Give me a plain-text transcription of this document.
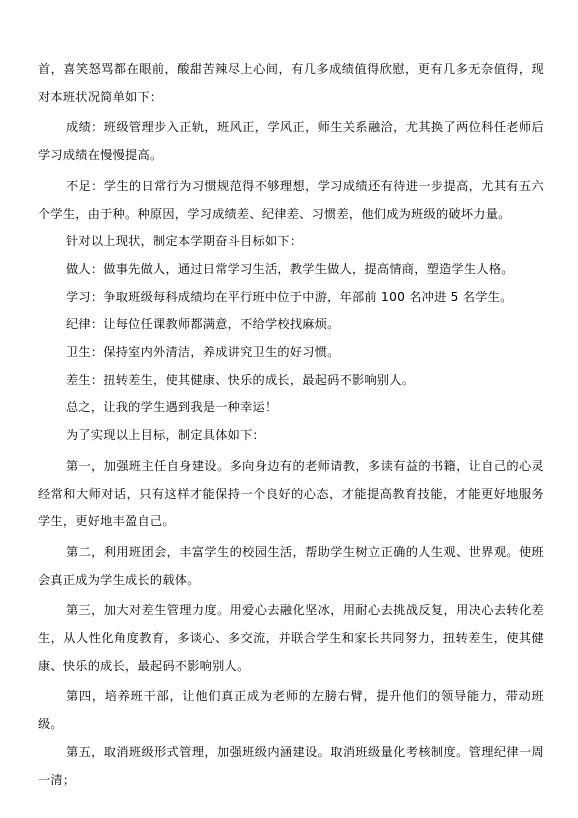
首，喜笑怒骂都在眼前，酸甜苦辣尽上心间，有几多成绩值得欣慰，更有几多无奈值得，现对本班状况简单如下：

成绩：班级管理步入正轨，班风正，学风正，师生关系融洽，尤其换了两位科任老师后学习成绩在慢慢提高。

不足：学生的日常行为习惯规范得不够理想，学习成绩还有待进一步提高，尤其有五六个学生，由于种。种原因，学习成绩差、纪律差、习惯差，他们成为班级的破坏力量。

针对以上现状，制定本学期奋斗目标如下：

做人：做事先做人，通过日常学习生活，教学生做人，提高情商，塑造学生人格。

学习：争取班级每科成绩均在平行班中位于中游，年部前 100 名冲进 5 名学生。

纪律：让每位任课教师都满意，不给学校找麻烦。

卫生：保持室内外清洁，养成讲究卫生的好习惯。

差生：扭转差生，使其健康、快乐的成长，最起码不影响别人。

总之，让我的学生遇到我是一种幸运！

为了实现以上目标，制定具体如下：

第一，加强班主任自身建设。多向身边有的老师请教，多读有益的书籍，让自己的心灵经常和大师对话，只有这样才能保持一个良好的心态，才能提高教育技能，才能更好地服务学生，更好地丰盈自己。

第二，利用班团会，丰富学生的校园生活，帮助学生树立正确的人生观、世界观。使班会真正成为学生成长的载体。

第三，加大对差生管理力度。用爱心去融化坚冰，用耐心去挑战反复，用决心去转化差生，从人性化角度教育，多谈心、多交流，并联合学生和家长共同努力，扭转差生，使其健康、快乐的成长，最起码不影响别人。

第四，培养班干部，让他们真正成为老师的左膀右臂，提升他们的领导能力，带动班级。

第五，取消班级形式管理，加强班级内涵建设。取消班级量化考核制度。管理纪律一周一清；
